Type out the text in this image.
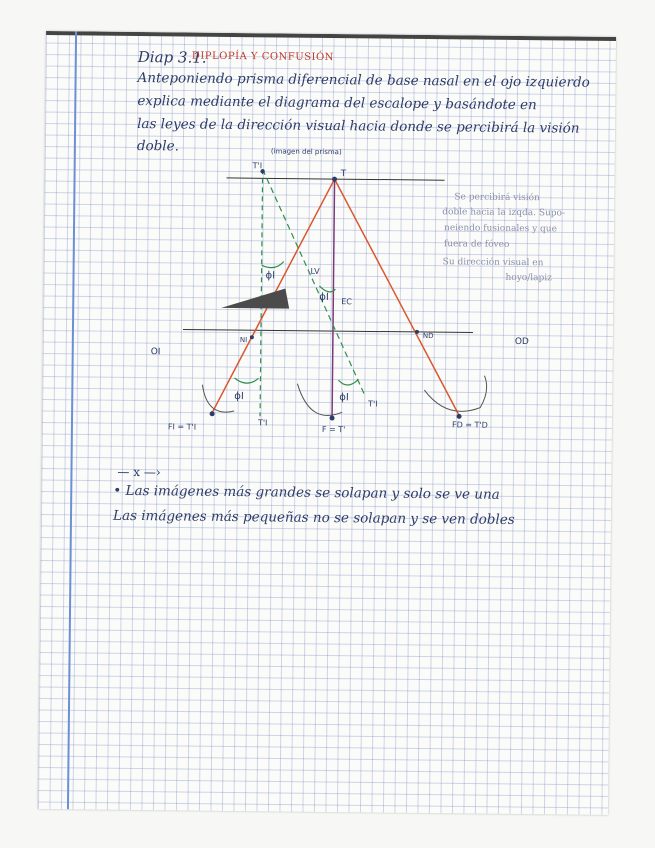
Diap 3.1.
DIPLOPÍA Y CONFUSIÓN
Anteponiendo prisma diferencial de base nasal en el ojo izquierdo
explica mediante el diagrama del escalope y basándote en
las leyes de la dirección visual hacia donde se percibirá la visión
doble.	(imagen del prisma)
T'I
T
LV
EC
NI
ND
OI
OD
ϕI
ϕI
ϕI	ϕI
T'I
T'I
FI = T'I	F = T'	FD = T'D
Se percibirá visión
doble hacia la izqda. Supo-
neiendo fusionales y que
fuera de fóveo
Su dirección visual en
hoyo/lapiz
— x —›
• Las imágenes más grandes se solapan y solo se ve una
Las imágenes más pequeñas no se solapan y se ven dobles
